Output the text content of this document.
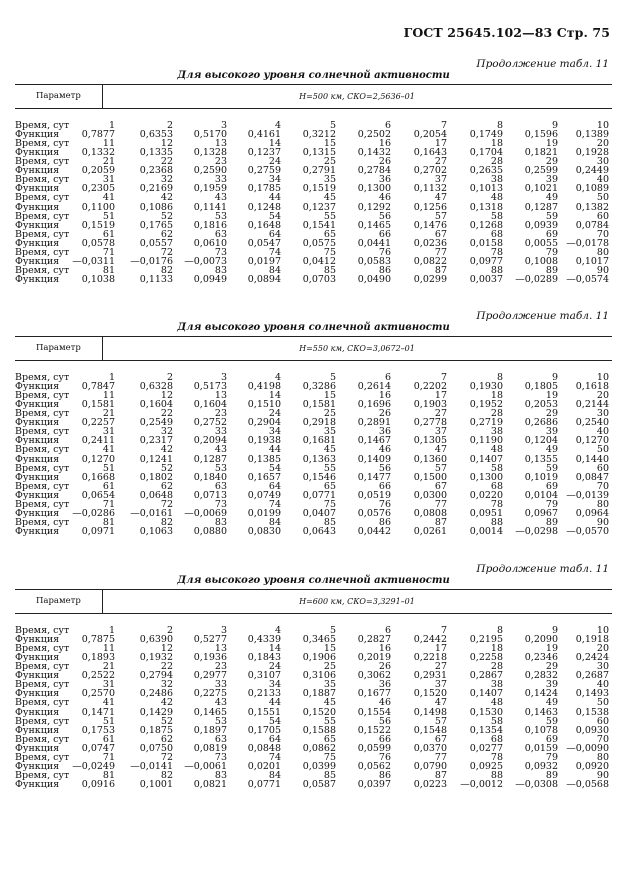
ГОСТ 25645.102—83 Стр. 75
Продолжение табл. 11
Для высокого уровня солнечной активности
Параметр	H=500 км, СКО=2,5636–01
Время, сут	1	2	3	4	5	6	7	8	9	10
Функция 0,7877	0,6353 0,5170 0,4161 0,3212 0,2502 0,2054 0,1749 0,1596 0,1389
Время, сут	11	12	13	14	15	16	17	18	19	20
Функция 0,1332	0,1335 0,1328 0,1237 0,1315 0,1432 0,1643 0,1704 0,1821 0,1928
Время, сут	21	22	23	24	25	26	27	28	29	30
Функция 0,2059	0,2368 0,2590 0,2759 0,2791 0,2784 0,2702 0,2635 0,2599 0,2449
Время, сут	31	32	33	34	35	36	37	38	39	40
Функция 0,2305	0,2169 0,1959 0,1785 0,1519 0,1300 0,1132 0,1013 0,1021 0,1089
Время, сут	41	42	43	44	45	46	47	48	49	50
Функция 0,1100	0,1086 0,1141 0,1248 0,1237 0,1292 0,1256 0,1318 0,1287 0,1382
Время, сут	51	52	53	54	55	56	57	58	59	60
Функция 0,1519	0,1765 0,1816 0,1648 0,1541 0,1465 0,1476 0,1268 0,0939 0,0784
Время, сут	61	62	63	64	65	66	67	68	69	70
Функция 0,0578	0,0557 0,0610 0,0547 0,0575 0,0441 0,0236 0,0158 0,0055 —0,0178
Время, сут	71	72	73	74	75	76	77	78	79	80
Функция —0,0311 —0,0176 —0,0073 0,0197 0,0412 0,0583 0,0822 0,0977 0,1008 0,1017
Время, сут	81	82	83	84	85	86	87	88	89	90
Функция 0,1038	0,1133 0,0949 0,0894 0,0703 0,0490 0,0299 0,0037 —0,0289 —0,0574
Продолжение табл. 11
Для высокого уровня солнечной активности
Параметр	H=550 км, СКО=3,0672–01
Время, сут	1	2	3	4	5	6	7	8	9	10
Функция 0,7847	0,6328 0,5173 0,4198 0,3286 0,2614 0,2202 0,1930 0,1805 0,1618
Время, сут	11	12	13	14	15	16	17	18	19	20
Функция 0,1581	0,1604 0,1604 0,1510 0,1581 0,1696 0,1903 0,1952 0,2053 0,2144
Время, сут	21	22	23	24	25	26	27	28	29	30
Функция 0,2257	0,2549 0,2752 0,2904 0,2918 0,2891 0,2778 0,2719 0,2686 0,2540
Время, сут	31	32	33	34	35	36	37	38	39	40
Функция 0,2411	0,2317 0,2094 0,1938 0,1681 0,1467 0,1305 0,1190 0,1204 0,1270
Время, сут	41	42	43	44	45	46	47	48	49	50
Функция 0,1270	0,1241 0,1287 0,1385 0,1363 0,1409 0,1360 0,1407 0,1355 0,1440
Время, сут	51	52	53	54	55	56	57	58	59	60
Функция 0,1668	0,1802 0,1840 0,1657 0,1546 0,1477 0,1500 0,1300 0,1019 0,0847
Время, сут	61	62	63	64	65	66	67	68	69	70
Функция 0,0654	0,0648 0,0713 0,0749 0,0771 0,0519 0,0300 0,0220 0,0104 —0,0139
Время, сут	71	72	73	74	75	76	77	78	79	80
Функция —0,0286 —0,0161 —0,0069 0,0199 0,0407 0,0576 0,0808 0,0951 0,0967 0,0964
Время, сут	81	82	83	84	85	86	87	88	89	90
Функция 0,0971	0,1063 0,0880 0,0830 0,0643 0,0442 0,0261 0,0014 —0,0298 —0,0570
Продолжение табл. 11
Для высокого уровня солнечной активности
Параметр	H=600 км, СКО=3,3291–01
Время, сут	1	2	3	4	5	6	7	8	9	10
Функция 0,7875	0,6390 0,5277 0,4339 0,3465 0,2827 0,2442 0,2195 0,2090 0,1918
Время, сут	11	12	13	14	15	16	17	18	19	20
Функция 0,1893	0,1932 0,1936 0,1843 0,1906 0,2019 0,2218 0,2258 0,2346 0,2424
Время, сут	21	22	23	24	25	26	27	28	29	30
Функция 0,2522	0,2794 0,2977 0,3107 0,3106 0,3062 0,2931 0,2867 0,2832 0,2687
Время, сут	31	32	33	34	35	36	37	38	39	40
Функция 0,2570	0,2486 0,2275 0,2133 0,1887 0,1677 0,1520 0,1407 0,1424 0,1493
Время, сут	41	42	43	44	45	46	47	48	49	50
Функция 0,1471	0,1429 0,1465 0,1551 0,1520 0,1554 0,1498 0,1530 0,1463 0,1538
Время, сут	51	52	53	54	55	56	57	58	59	60
Функция 0,1753	0,1875 0,1897 0,1705 0,1588 0,1522 0,1548 0,1354 0,1078 0,0930
Время, сут	61	62	63	64	65	66	67	68	69	70
Функция 0,0747	0,0750 0,0819 0,0848 0,0862 0,0599 0,0370 0,0277 0,0159 —0,0090
Время, сут	71	72	73	74	75	76	77	78	79	80
Функция —0,0249 —0,0141 —0,0061 0,0201 0,0399 0,0562 0,0790 0,0925 0,0932 0,0920
Время, сут	81	82	83	84	85	86	87	88	89	90
Функция 0,0916	0,1001 0,0821 0,0771 0,0587 0,0397 0,0223 —0,0012 —0,0308 —0,0568
